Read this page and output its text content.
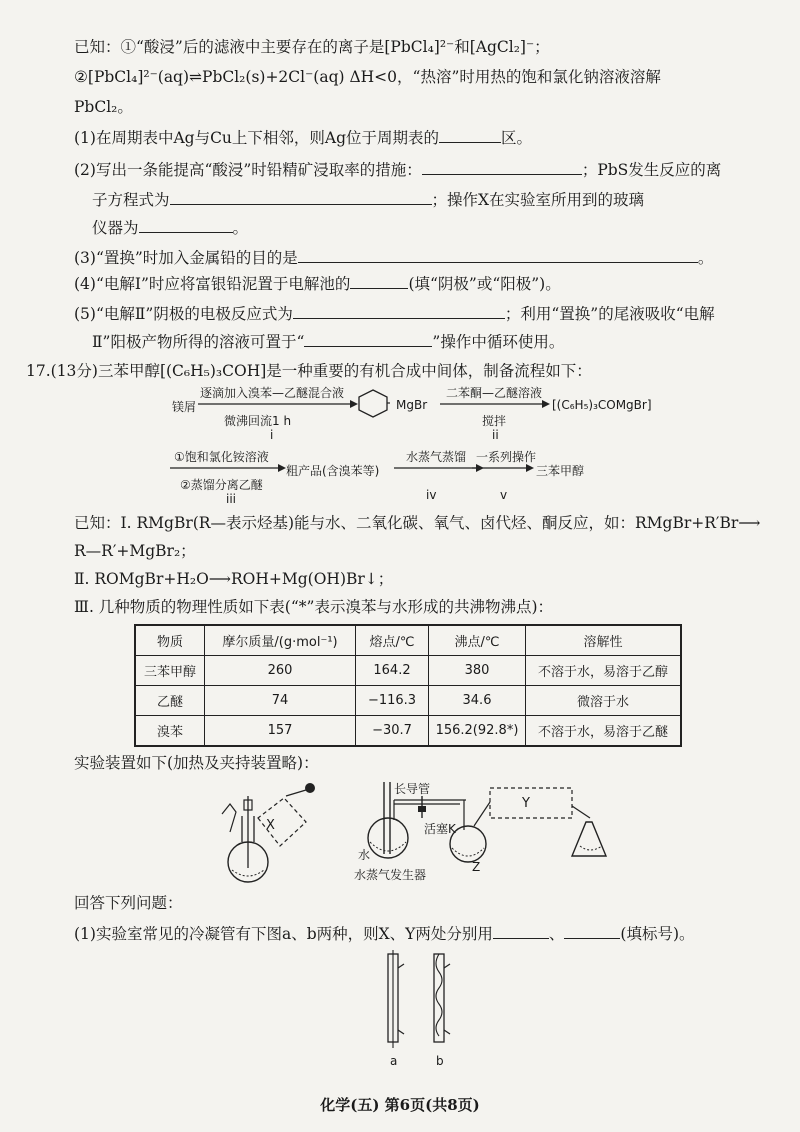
已知：①“酸浸”后的滤液中主要存在的离子是[PbCl₄]²⁻和[AgCl₂]⁻；
②[PbCl₄]²⁻(aq)⇌PbCl₂(s)+2Cl⁻(aq) ΔH<0，“热溶”时用热的饱和氯化钠溶液溶解
PbCl₂。
(1)在周期表中Ag与Cu上下相邻，则Ag位于周期表的	区。
(2)写出一条能提高“酸浸”时铅精矿浸取率的措施：	；PbS发生反应的离
子方程式为	；操作X在实验室所用到的玻璃
仪器为	。
(3)“置换”时加入金属铅的目的是	。
(4)“电解Ⅰ”时应将富银铅泥置于电解池的	(填“阴极”或“阳极”)。
(5)“电解Ⅱ”阴极的电极反应式为	；利用“置换”的尾液吸收“电解
Ⅱ”阳极产物所得的溶液可置于“	”操作中循环使用。
17.(13分)三苯甲醇[(C₆H₅)₃COH]是一种重要的有机合成中间体，制备流程如下：
镁屑
逐滴加入溴苯—乙醚混合液
微沸回流1 h
i
MgBr
二苯酮—乙醚溶液
搅拌
ii
[(C₆H₅)₃COMgBr]
①饱和氯化铵溶液
②蒸馏分离乙醚
iii
粗产品(含溴苯等)
水蒸气蒸馏
iv
一系列操作
v
三苯甲醇
已知：Ⅰ. RMgBr(R—表示烃基)能与水、二氧化碳、氧气、卤代烃、酮反应，如：RMgBr+R′Br⟶
R—R′+MgBr₂；
Ⅱ. ROMgBr+H₂O⟶ROH+Mg(OH)Br↓；
Ⅲ. 几种物质的物理性质如下表(“*”表示溴苯与水形成的共沸物沸点)：
物质	摩尔质量/(g·mol⁻¹)	熔点/℃	沸点/℃	溶解性
三苯甲醇	260	164.2	380	不溶于水，易溶于乙醇
乙醚	74	−116.3	34.6	微溶于水
溴苯	157	−30.7	156.2(92.8*)	不溶于水，易溶于乙醚
实验装置如下(加热及夹持装置略)：
X
长导管
活塞K
Y
水
水蒸气发生器
Z
回答下列问题：
(1)实验室常见的冷凝管有下图a、b两种，则X、Y两处分别用	、	(填标号)。
a	b
化学(五) 第6页(共8页)
